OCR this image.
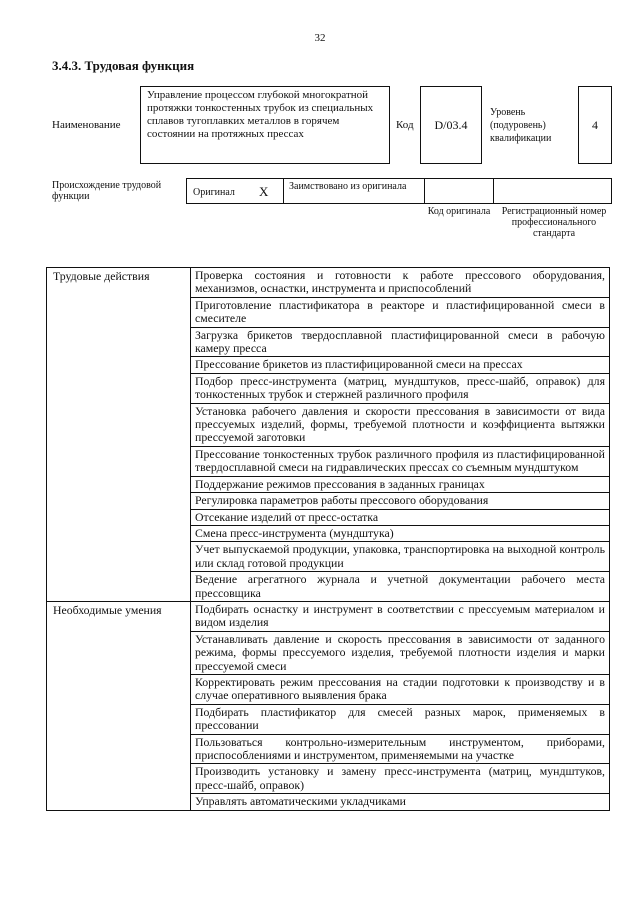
32
3.4.3. Трудовая функция
Наименование
Управление процессом глубокой многократной протяжки тонкостенных трубок из специальных сплавов тугоплавких металлов в горячем состоянии на протяжных прессах
Код D/03.4
Уровень (подуровень) квалификации
4
Происхождение трудовой функции	Оригинал X Заимствовано из оригинала
Код оригинала	Регистрационный номер профессионального стандарта
Трудовые действия	Проверка состояния и готовности к работе прессового оборудования, механизмов, оснастки, инструмента и приспособлений
	Приготовление пластификатора в реакторе и пластифицированной смеси в смесителе
	Загрузка брикетов твердосплавной пластифицированной смеси в рабочую камеру пресса
	Прессование брикетов из пластифицированной смеси на прессах
	Подбор пресс-инструмента (матриц, мундштуков, пресс-шайб, оправок) для тонкостенных трубок и стержней различного профиля
	Установка рабочего давления и скорости прессования в зависимости от вида прессуемых изделий, формы, требуемой плотности и коэффициента вытяжки прессуемой заготовки
	Прессование тонкостенных трубок различного профиля из пластифицированной твердосплавной смеси на гидравлических прессах со съемным мундштуком
	Поддержание режимов прессования в заданных границах
	Регулировка параметров работы прессового оборудования
	Отсекание изделий от пресс-остатка
	Смена пресс-инструмента (мундштука)
	Учет выпускаемой продукции, упаковка, транспортировка на выходной контроль или склад готовой продукции
	Ведение агрегатного журнала и учетной документации рабочего места прессовщика
Необходимые умения	Подбирать оснастку и инструмент в соответствии с прессуемым материалом и видом изделия
	Устанавливать давление и скорость прессования в зависимости от заданного режима, формы прессуемого изделия, требуемой плотности изделия и марки прессуемой смеси
	Корректировать режим прессования на стадии подготовки к производству и в случае оперативного выявления брака
	Подбирать пластификатор для смесей разных марок, применяемых в прессовании
	Пользоваться контрольно-измерительным инструментом, приборами, приспособлениями и инструментом, применяемыми на участке
	Производить установку и замену пресс-инструмента (матриц, мундштуков, пресс-шайб, оправок)
	Управлять автоматическими укладчиками
